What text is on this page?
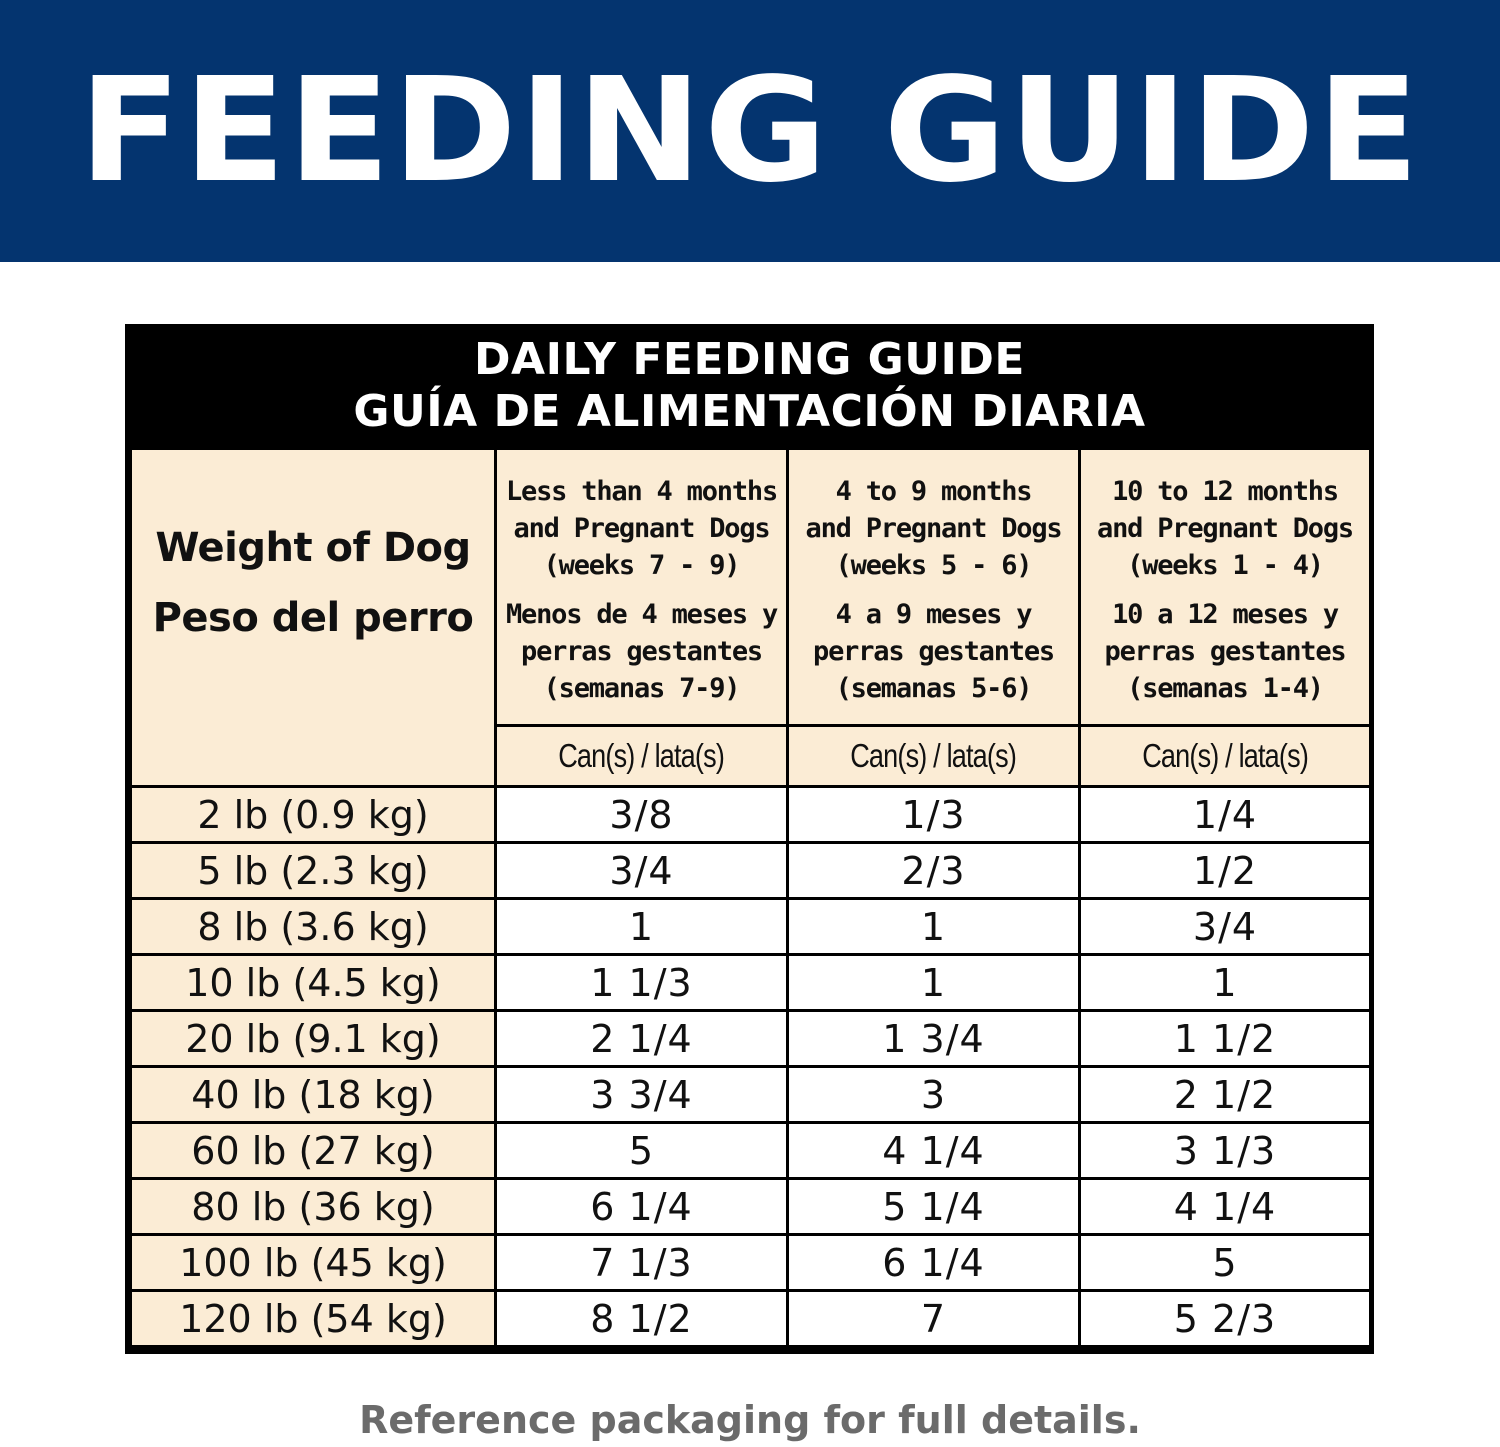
FEEDING GUIDE
DAILY FEEDING GUIDE
GUÍA DE ALIMENTACIÓN DIARIA
Weight of Dog
Peso del perro
Less than 4 months
and Pregnant Dogs
(weeks 7 - 9)
Menos de 4 meses y
perras gestantes
(semanas 7-9)
4 to 9 months
and Pregnant Dogs
(weeks 5 - 6)
4 a 9 meses y
perras gestantes
(semanas 5-6)
10 to 12 months
and Pregnant Dogs
(weeks 1 - 4)
10 a 12 meses y
perras gestantes
(semanas 1-4)
Can(s) / lata(s)	Can(s) / lata(s)	Can(s) / lata(s)
2 lb (0.9 kg)	3/8	1/3	1/4
5 lb (2.3 kg)	3/4	2/3	1/2
8 lb (3.6 kg)	1	1	3/4
10 lb (4.5 kg)	1 1/3	1	1
20 lb (9.1 kg)	2 1/4	1 3/4	1 1/2
40 lb (18 kg)	3 3/4	3	2 1/2
60 lb (27 kg)	5	4 1/4	3 1/3
80 lb (36 kg)	6 1/4	5 1/4	4 1/4
100 lb (45 kg)	7 1/3	6 1/4	5
120 lb (54 kg)	8 1/2	7	5 2/3
Reference packaging for full details.
